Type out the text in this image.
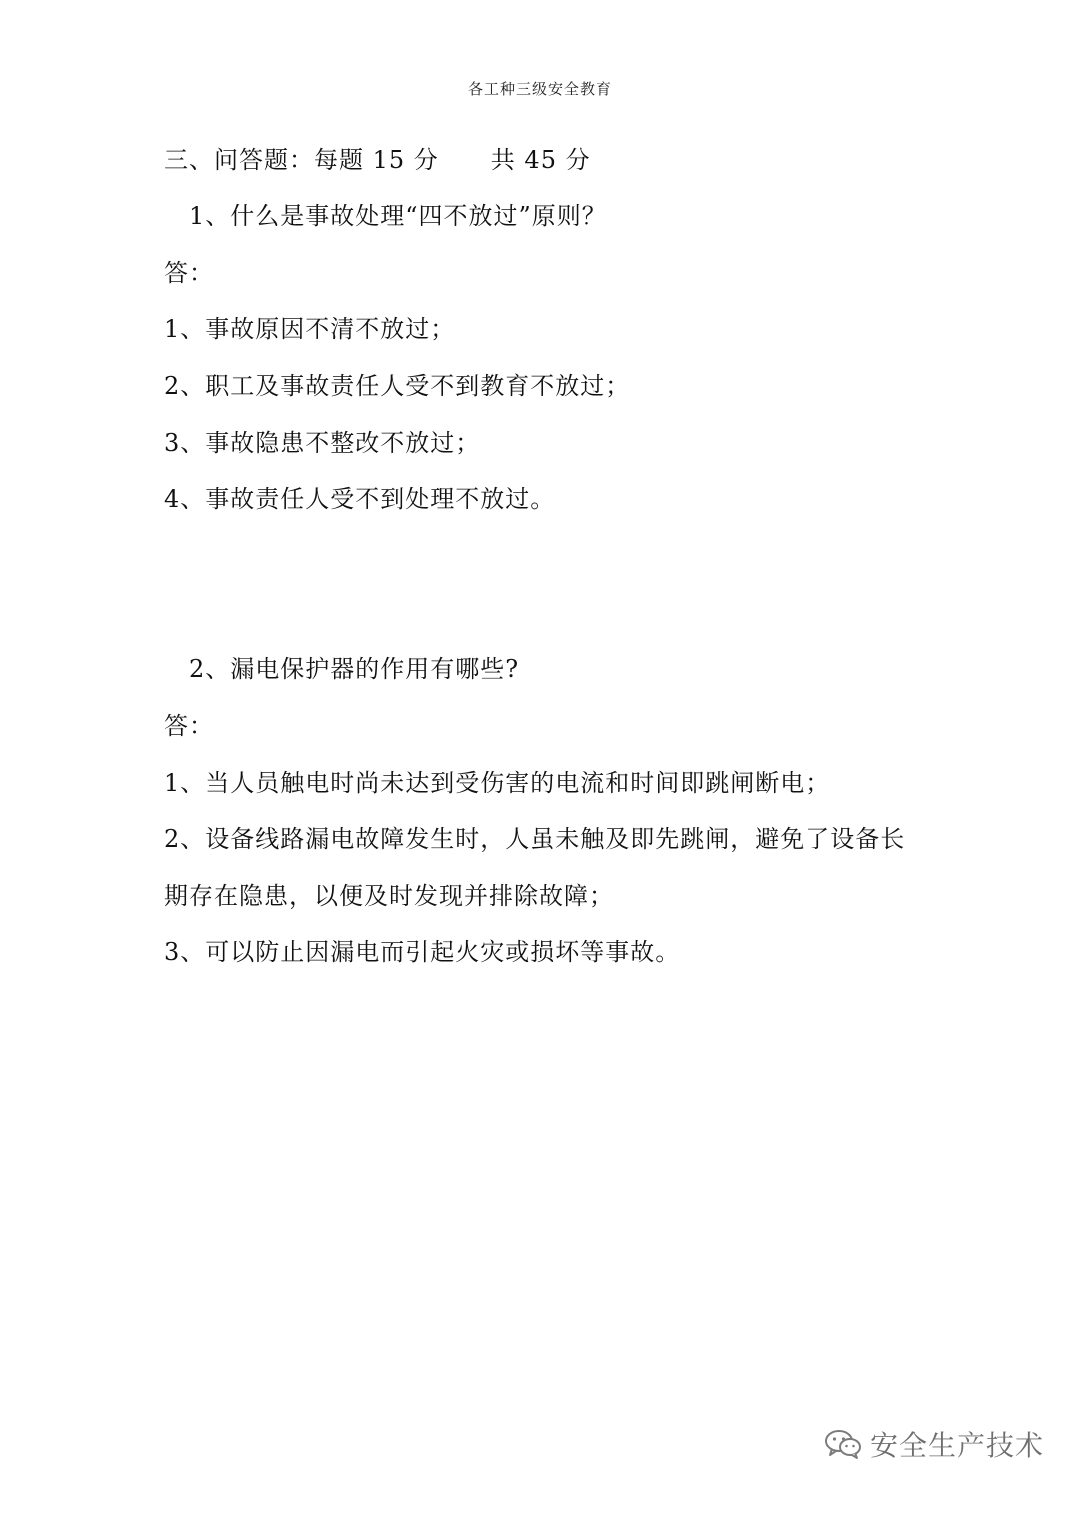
各工种三级安全教育
三、问答题：每题 15 分 共 45 分
1、什么是事故处理“四不放过”原则？
答：
1、事故原因不清不放过；
2、职工及事故责任人受不到教育不放过；
3、事故隐患不整改不放过；
4、事故责任人受不到处理不放过。
2、漏电保护器的作用有哪些?
答：
1、当人员触电时尚未达到受伤害的电流和时间即跳闸断电；
2、设备线路漏电故障发生时，人虽未触及即先跳闸，避免了设备长
期存在隐患，以便及时发现并排除故障；
3、可以防止因漏电而引起火灾或损坏等事故。
安全生产技术
